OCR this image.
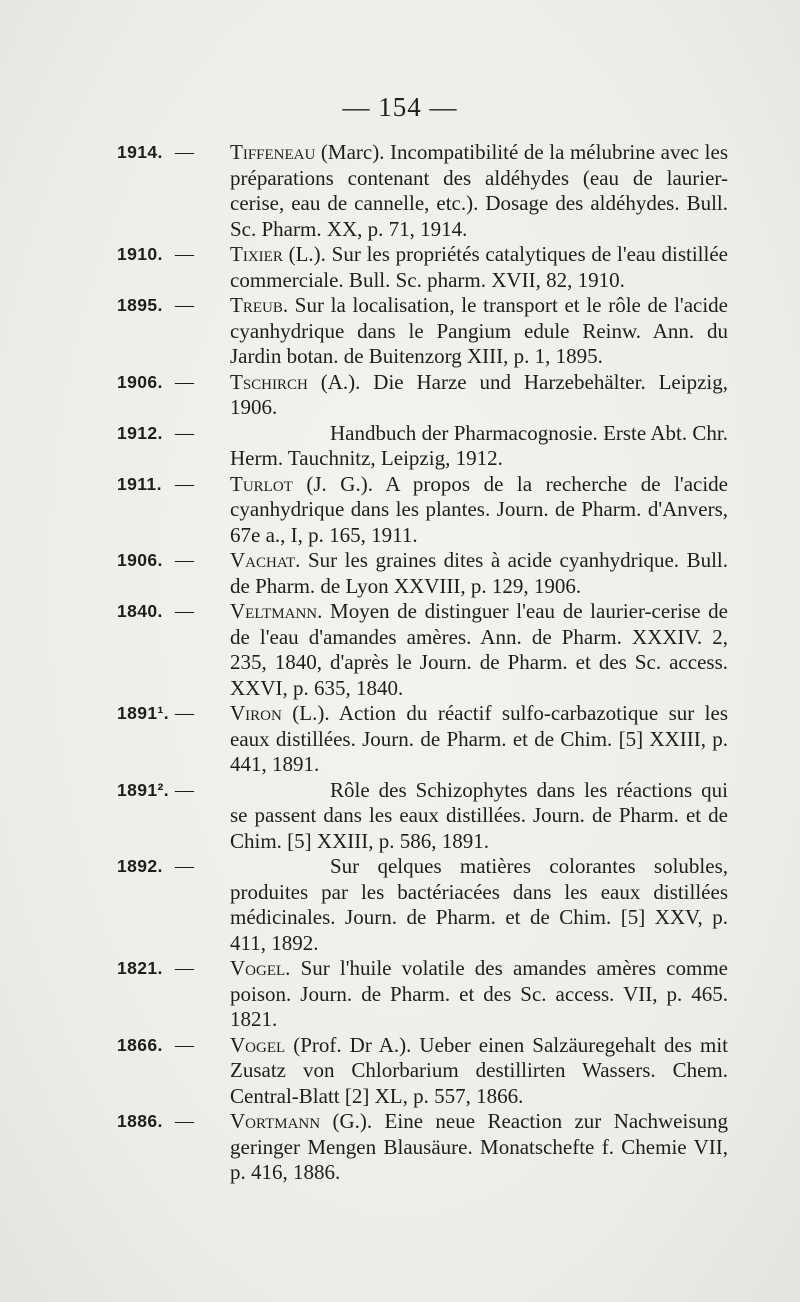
— 154 —
1914. — Tiffeneau (Marc). Incompatibilité de la mélubrine avec les préparations contenant des aldéhydes (eau de laurier-cerise, eau de cannelle, etc.). Dosage des aldéhydes. Bull. Sc. Pharm. XX, p. 71, 1914.
1910. — Tixier (L.). Sur les propriétés catalytiques de l'eau distillée commerciale. Bull. Sc. pharm. XVII, 82, 1910.
1895. — Treub. Sur la localisation, le transport et le rôle de l'acide cyanhydrique dans le Pangium edule Reinw. Ann. du Jardin botan. de Buitenzorg XIII, p. 1, 1895.
1906. — Tschirch (A.). Die Harze und Harzebehälter. Leipzig, 1906.
1912. —	Handbuch der Pharmacognosie. Erste Abt. Chr. Herm. Tauchnitz, Leipzig, 1912.
1911. — Turlot (J. G.). A propos de la recherche de l'acide cyanhydrique dans les plantes. Journ. de Pharm. d'Anvers, 67e a., I, p. 165, 1911.
1906. — Vachat. Sur les graines dites à acide cyanhydrique. Bull. de Pharm. de Lyon XXVIII, p. 129, 1906.
1840. — Veltmann. Moyen de distinguer l'eau de laurier-cerise de de l'eau d'amandes amères. Ann. de Pharm. XXXIV. 2, 235, 1840, d'après le Journ. de Pharm. et des Sc. access. XXVI, p. 635, 1840.
1891¹. — Viron (L.). Action du réactif sulfo-carbazotique sur les eaux distillées. Journ. de Pharm. et de Chim. [5] XXIII, p. 441, 1891.
1891². —	Rôle des Schizophytes dans les réactions qui se passent dans les eaux distillées. Journ. de Pharm. et de Chim. [5] XXIII, p. 586, 1891.
1892. —	Sur qelques matières colorantes solubles, produites par les bactériacées dans les eaux distillées médicinales. Journ. de Pharm. et de Chim. [5] XXV, p. 411, 1892.
1821. — Vogel. Sur l'huile volatile des amandes amères comme poison. Journ. de Pharm. et des Sc. access. VII, p. 465. 1821.
1866. — Vogel (Prof. Dr A.). Ueber einen Salzäuregehalt des mit Zusatz von Chlorbarium destillirten Wassers. Chem. Central-Blatt [2] XL, p. 557, 1866.
1886. — Vortmann (G.). Eine neue Reaction zur Nachweisung geringer Mengen Blausäure. Monatschefte f. Chemie VII, p. 416, 1886.
